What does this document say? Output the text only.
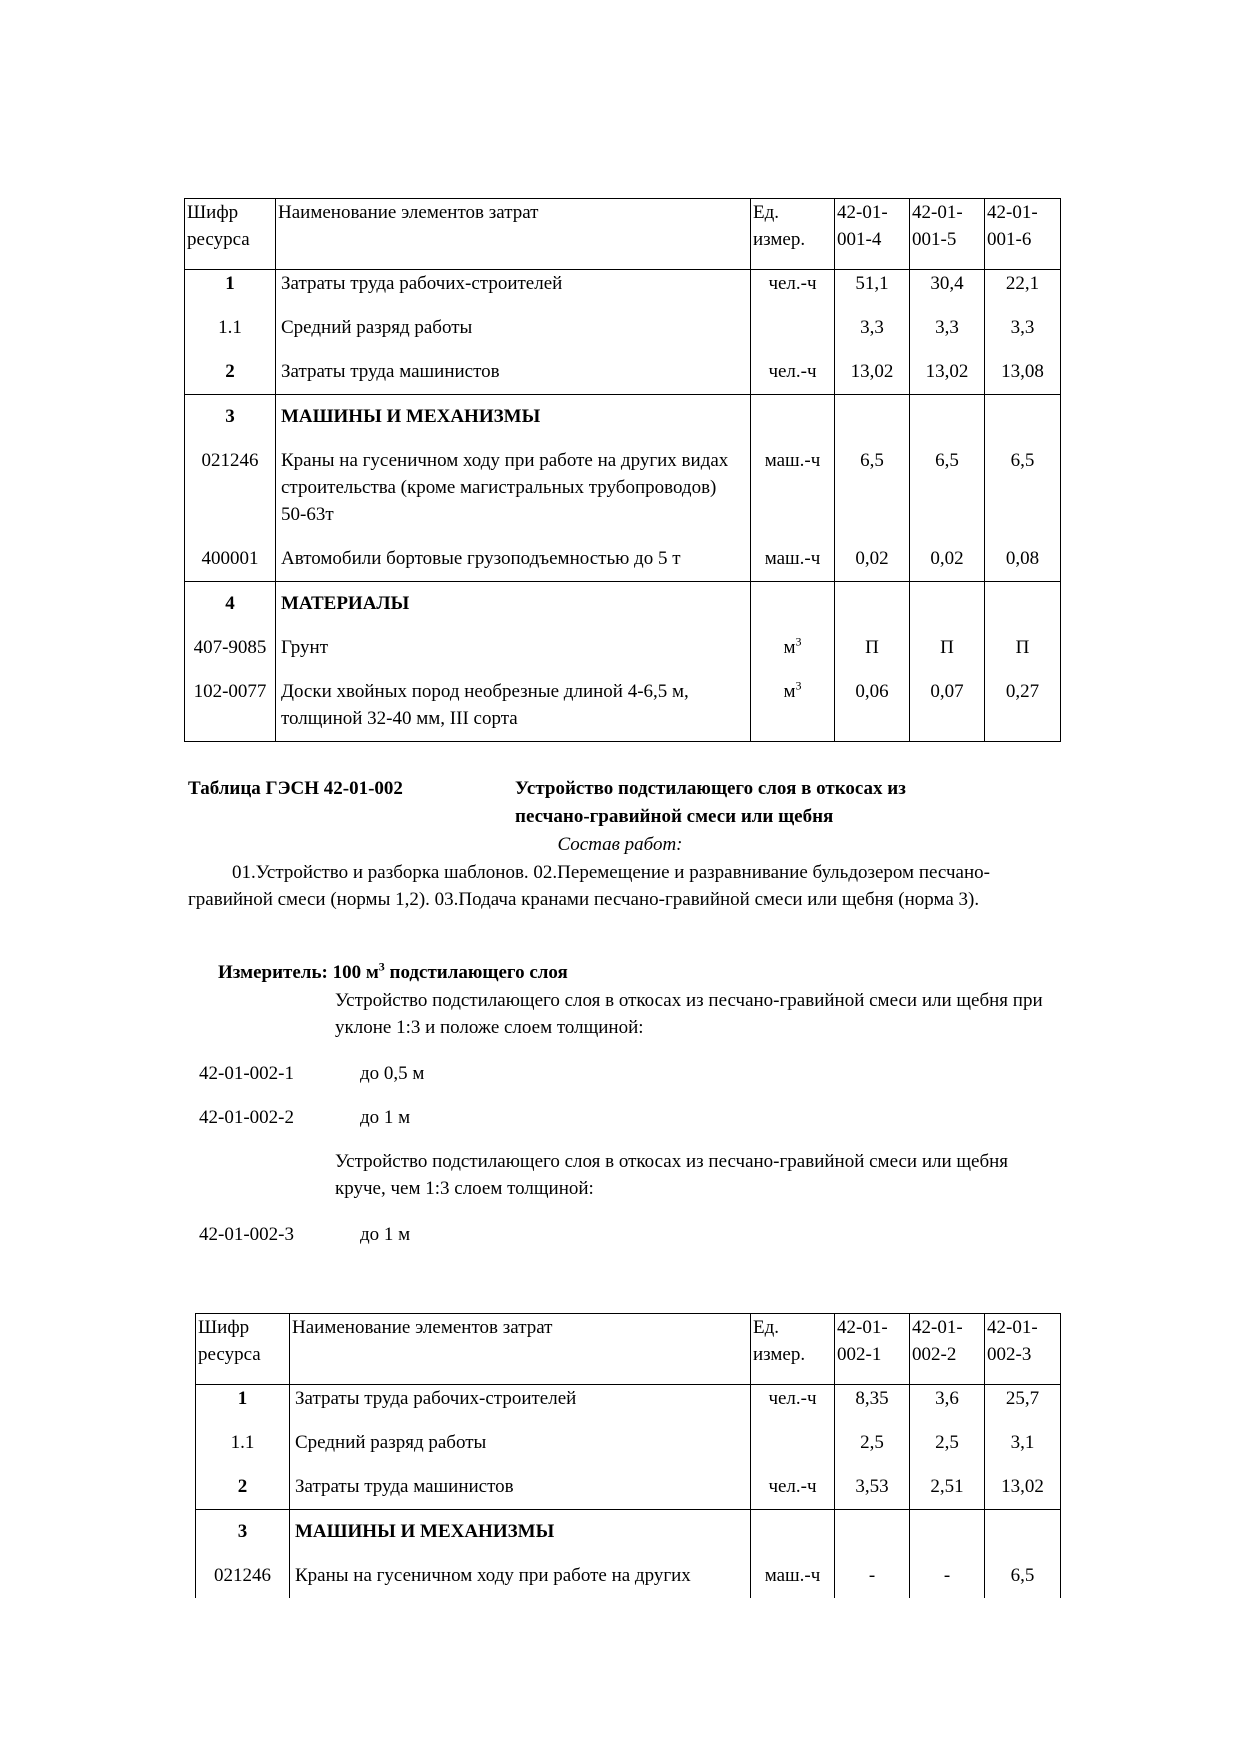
Шифр ресурса	Наименование элементов затрат	Ед. измер.	42-01-001-4	42-01-001-5	42-01-001-6
1	Затраты труда рабочих-строителей	чел.-ч	51,1	30,4	22,1
1.1	Средний разряд работы		3,3	3,3	3,3
2	Затраты труда машинистов	чел.-ч	13,02	13,02	13,08
3	МАШИНЫ И МЕХАНИЗМЫ				
021246	Краны на гусеничном ходу при работе на других видах строительства (кроме магистральных трубопроводов) 50-63т	маш.-ч	6,5	6,5	6,5
400001	Автомобили бортовые грузоподъемностью до 5 т	маш.-ч	0,02	0,02	0,08
4	МАТЕРИАЛЫ				
407-9085	Грунт	$м^3$	П	П	П
102-0077	Доски хвойных пород необрезные длиной 4-6,5 м, толщиной 32-40 мм, III сорта	$м^3$	0,06	0,07	0,27
Таблица ГЭСН 42-01-002	Устройство подстилающего слоя в откосах из песчано-гравийной смеси или щебня
Состав работ:
01.Устройство и разборка шаблонов. 02.Перемещение и разравнивание бульдозером песчано-гравийной смеси (нормы 1,2). 03.Подача кранами песчано-гравийной смеси или щебня (норма 3).
Измеритель: 100 $м^3$ подстилающего слоя
Устройство подстилающего слоя в откосах из песчано-гравийной смеси или щебня при уклоне 1:3 и положе слоем толщиной:
42-01-002-1	до 0,5 м
42-01-002-2	до 1 м
Устройство подстилающего слоя в откосах из песчано-гравийной смеси или щебня круче, чем 1:3 слоем толщиной:
42-01-002-3	до 1 м
Шифр ресурса	Наименование элементов затрат	Ед. измер.	42-01-002-1	42-01-002-2	42-01-002-3
1	Затраты труда рабочих-строителей	чел.-ч	8,35	3,6	25,7
1.1	Средний разряд работы		2,5	2,5	3,1
2	Затраты труда машинистов	чел.-ч	3,53	2,51	13,02
3	МАШИНЫ И МЕХАНИЗМЫ				
021246	Краны на гусеничном ходу при работе на других	маш.-ч	-	-	6,5
